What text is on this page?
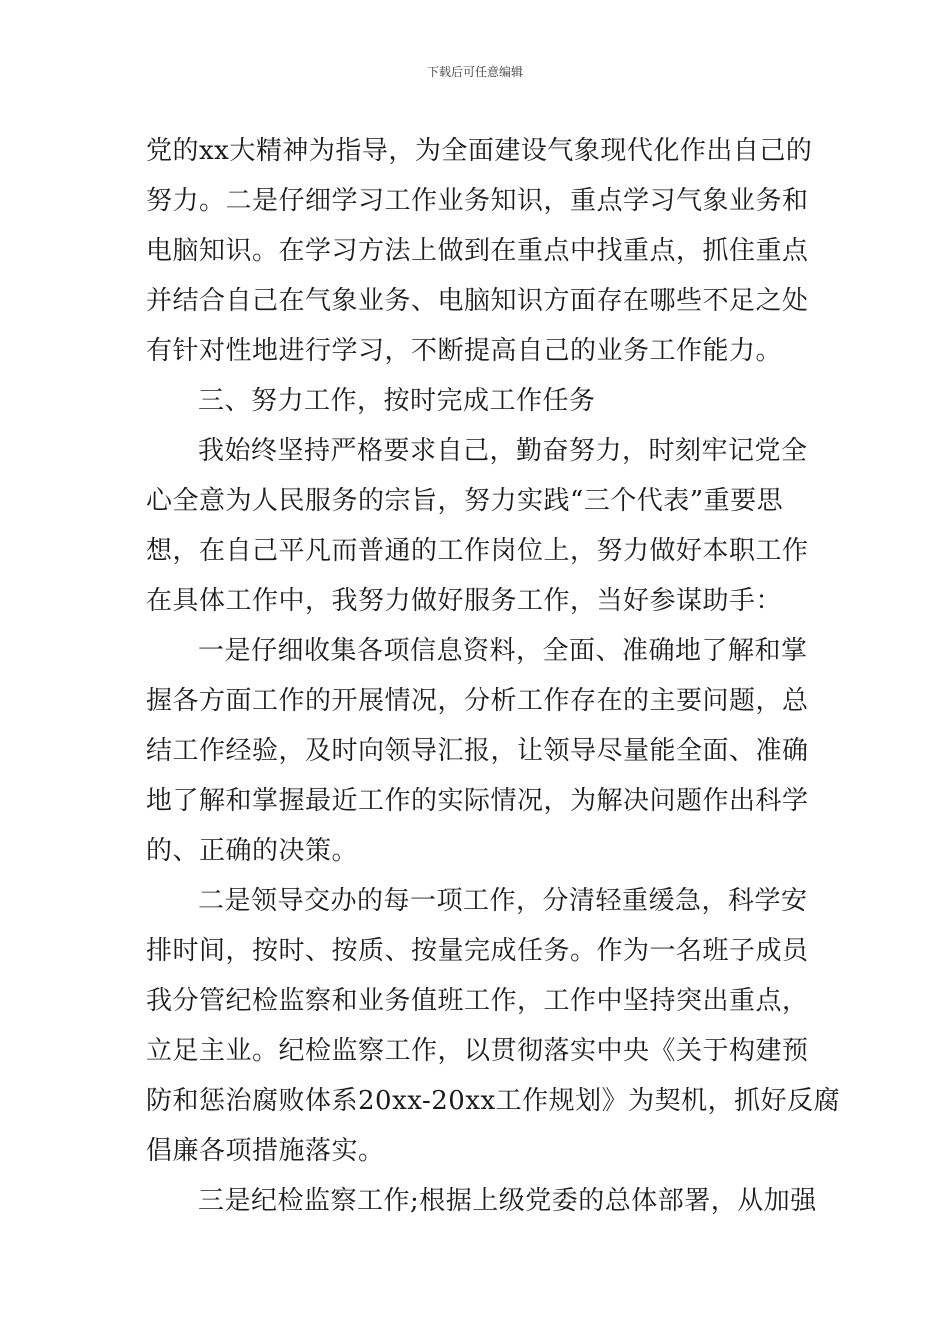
下载后可任意编辑
党的xx大精神为指导，为全面建设气象现代化作出自己的
努力。二是仔细学习工作业务知识，重点学习气象业务和
电脑知识。在学习方法上做到在重点中找重点，抓住重点
并结合自己在气象业务、电脑知识方面存在哪些不足之处
有针对性地进行学习，不断提高自己的业务工作能力。
三、努力工作，按时完成工作任务
我始终坚持严格要求自己，勤奋努力，时刻牢记党全
心全意为人民服务的宗旨，努力实践“三个代表”重要思
想，在自己平凡而普通的工作岗位上，努力做好本职工作
在具体工作中，我努力做好服务工作，当好参谋助手：
一是仔细收集各项信息资料，全面、准确地了解和掌
握各方面工作的开展情况，分析工作存在的主要问题，总
结工作经验，及时向领导汇报，让领导尽量能全面、准确
地了解和掌握最近工作的实际情况，为解决问题作出科学
的、正确的决策。
二是领导交办的每一项工作，分清轻重缓急，科学安
排时间，按时、按质、按量完成任务。作为一名班子成员
我分管纪检监察和业务值班工作，工作中坚持突出重点，
立足主业。纪检监察工作，以贯彻落实中央《关于构建预
防和惩治腐败体系20xx-20xx工作规划》为契机，抓好反腐
倡廉各项措施落实。
三是纪检监察工作;根据上级党委的总体部署，从加强
